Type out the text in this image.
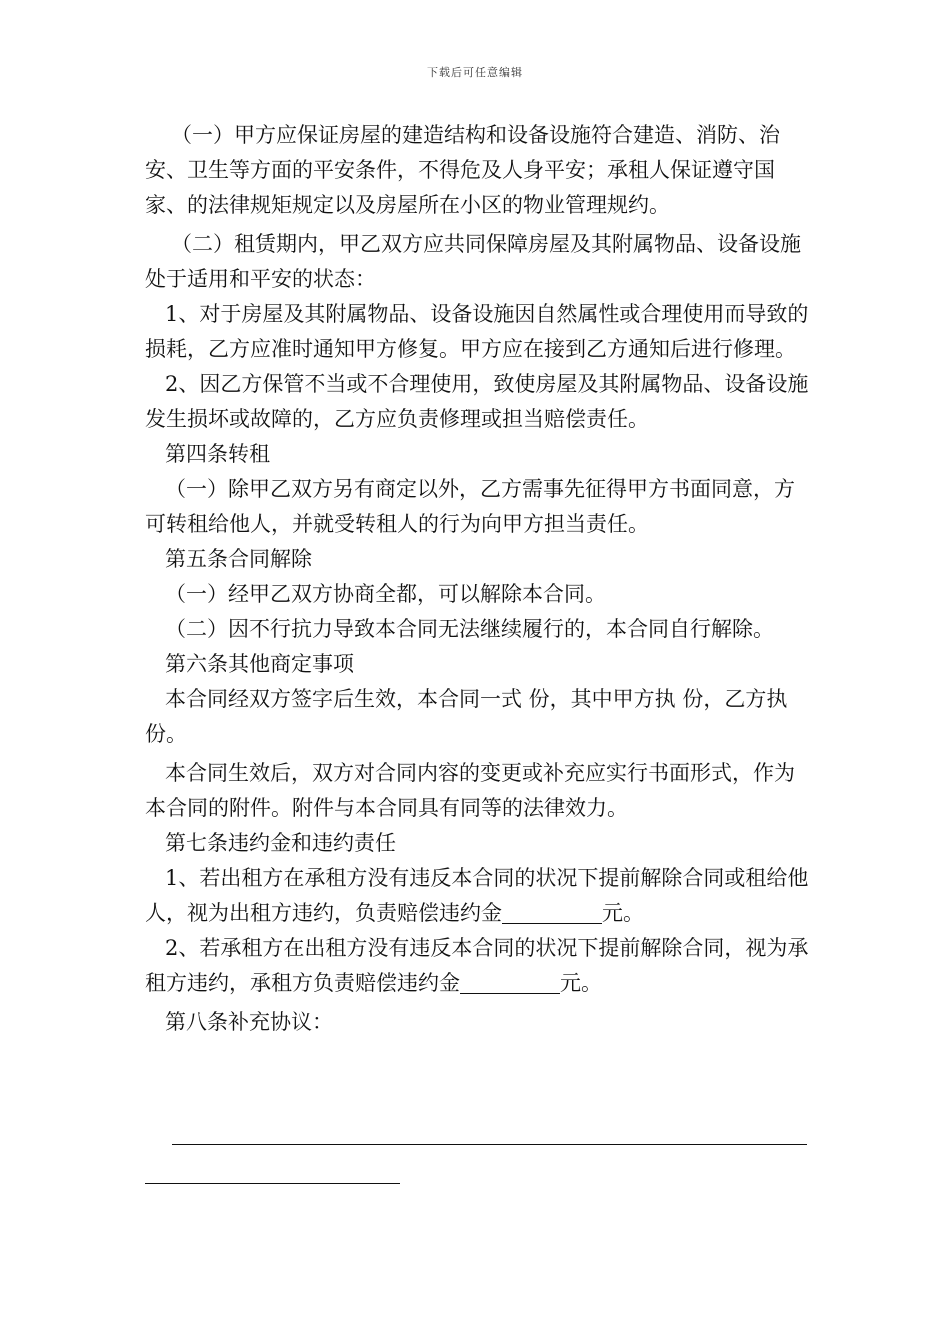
下载后可任意编辑

（一）甲方应保证房屋的建造结构和设备设施符合建造、消防、治安、卫生等方面的平安条件，不得危及人身平安；承租人保证遵守国家、的法律规矩规定以及房屋所在小区的物业管理规约。

（二）租赁期内，甲乙双方应共同保障房屋及其附属物品、设备设施处于适用和平安的状态：

1、对于房屋及其附属物品、设备设施因自然属性或合理使用而导致的损耗，乙方应准时通知甲方修复。甲方应在接到乙方通知后进行修理。

2、因乙方保管不当或不合理使用，致使房屋及其附属物品、设备设施发生损坏或故障的，乙方应负责修理或担当赔偿责任。

第四条转租

（一）除甲乙双方另有商定以外，乙方需事先征得甲方书面同意，方可转租给他人，并就受转租人的行为向甲方担当责任。

第五条合同解除

（一）经甲乙双方协商全都，可以解除本合同。

（二）因不行抗力导致本合同无法继续履行的，本合同自行解除。

第六条其他商定事项

本合同经双方签字后生效，本合同一式 份，其中甲方执 份，乙方执 份。

本合同生效后，双方对合同内容的变更或补充应实行书面形式，作为本合同的附件。附件与本合同具有同等的法律效力。

第七条违约金和违约责任

1、若出租方在承租方没有违反本合同的状况下提前解除合同或租给他人，视为出租方违约，负责赔偿违约金	元。

2、若承租方在出租方没有违反本合同的状况下提前解除合同，视为承租方违约，承租方负责赔偿违约金	元。

第八条补充协议：
